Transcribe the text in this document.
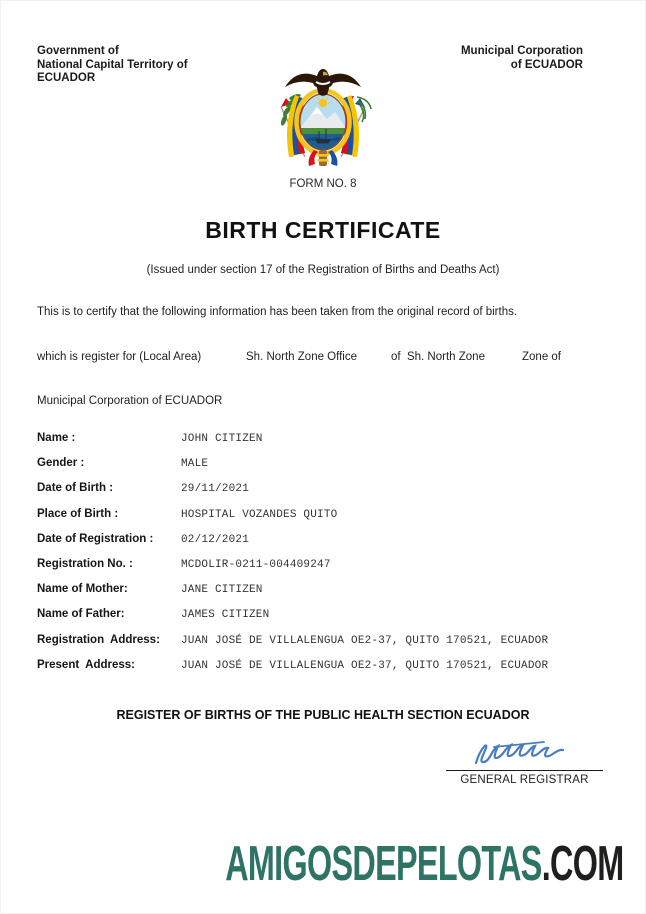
Government of
National Capital Territory of
ECUADOR
Municipal Corporation
of ECUADOR
FORM NO. 8
BIRTH CERTIFICATE
(Issued under section 17 of the Registration of Births and Deaths Act)
This is to certify that the following information has been taken from the original record of births.
which is register for (Local Area)	Sh. North Zone Office	of  Sh. North Zone	Zone of
Municipal Corporation of ECUADOR
Name :	JOHN CITIZEN
Gender :	MALE
Date of Birth :	29/11/2021
Place of Birth :	HOSPITAL VOZANDES QUITO
Date of Registration :	02/12/2021
Registration No. :	MCDOLIR-0211-004409247
Name of Mother:	JANE CITIZEN
Name of Father:	JAMES CITIZEN
Registration  Address:	JUAN JOSÉ DE VILLALENGUA OE2-37, QUITO 170521, ECUADOR
Present  Address:	JUAN JOSÉ DE VILLALENGUA OE2-37, QUITO 170521, ECUADOR
REGISTER OF BIRTHS OF THE PUBLIC HEALTH SECTION ECUADOR
GENERAL REGISTRAR
AMIGOSDEPELOTAS.COM
